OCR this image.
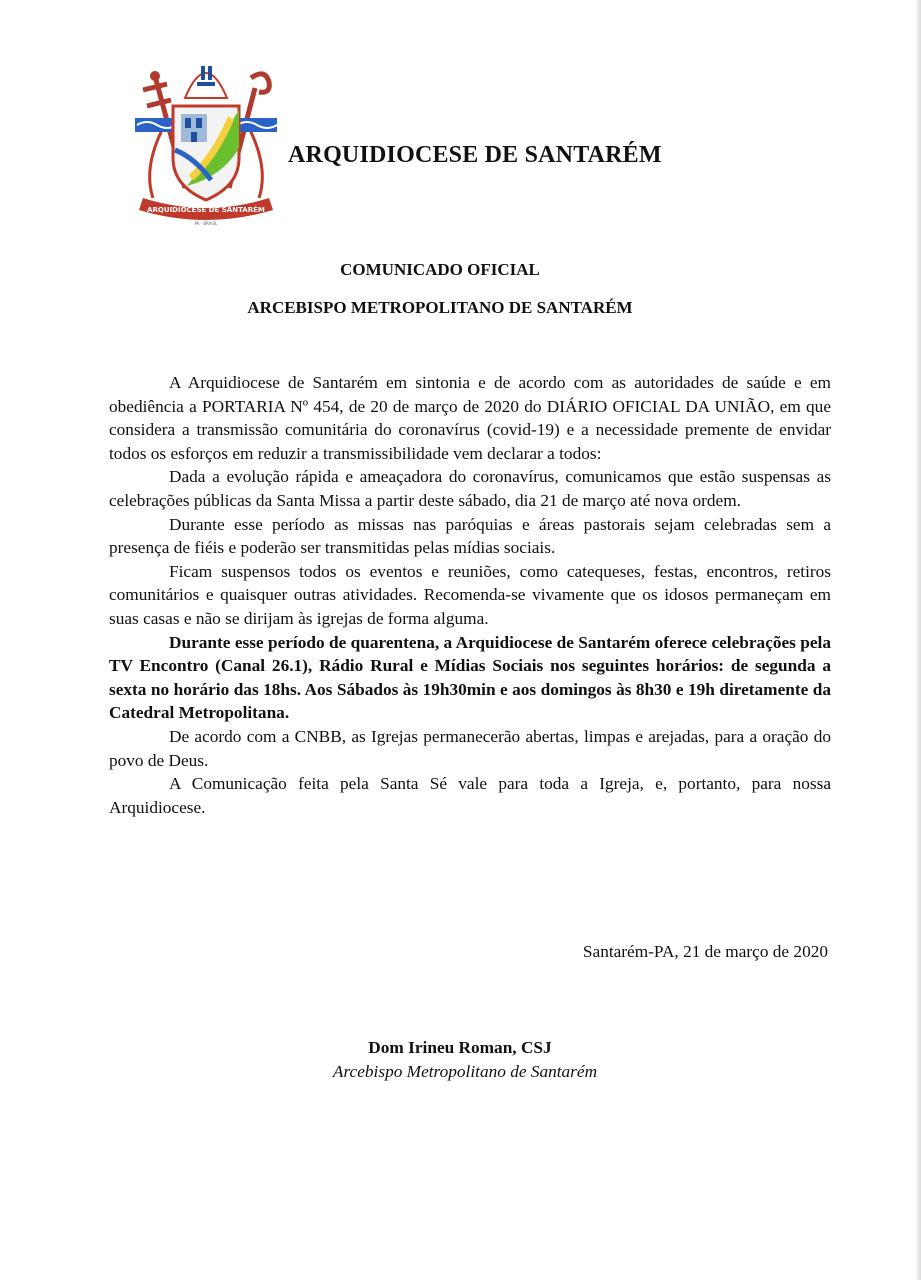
ARQUIDIOCESE DE SANTARÉM
PA · BRASIL
ARQUIDIOCESE DE SANTARÉM
COMUNICADO OFICIAL
ARCEBISPO METROPOLITANO DE SANTARÉM

A Arquidiocese de Santarém em sintonia e de acordo com as autoridades de saúde e em obediência a PORTARIA Nº 454, de 20 de março de 2020 do DIÁRIO OFICIAL DA UNIÃO, em que considera a transmissão comunitária do coronavírus (covid-19) e a necessidade premente de envidar todos os esforços em reduzir a transmissibilidade vem declarar a todos:

Dada a evolução rápida e ameaçadora do coronavírus, comunicamos que estão suspensas as celebrações públicas da Santa Missa a partir deste sábado, dia 21 de março até nova ordem.

Durante esse período as missas nas paróquias e áreas pastorais sejam celebradas sem a presença de fiéis e poderão ser transmitidas pelas mídias sociais.

Ficam suspensos todos os eventos e reuniões, como catequeses, festas, encontros, retiros comunitários e quaisquer outras atividades. Recomenda-se vivamente que os idosos permaneçam em suas casas e não se dirijam às igrejas de forma alguma.

Durante esse período de quarentena, a Arquidiocese de Santarém oferece celebrações pela TV Encontro (Canal 26.1), Rádio Rural e Mídias Sociais nos seguintes horários: de segunda a sexta no horário das 18hs. Aos Sábados às 19h30min e aos domingos às 8h30 e 19h diretamente da Catedral Metropolitana.

De acordo com a CNBB, as Igrejas permanecerão abertas, limpas e arejadas, para a oração do povo de Deus.

A Comunicação feita pela Santa Sé vale para toda a Igreja, e, portanto, para nossa Arquidiocese.

Santarém-PA, 21 de março de 2020
Dom Irineu Roman, CSJ
Arcebispo Metropolitano de Santarém
